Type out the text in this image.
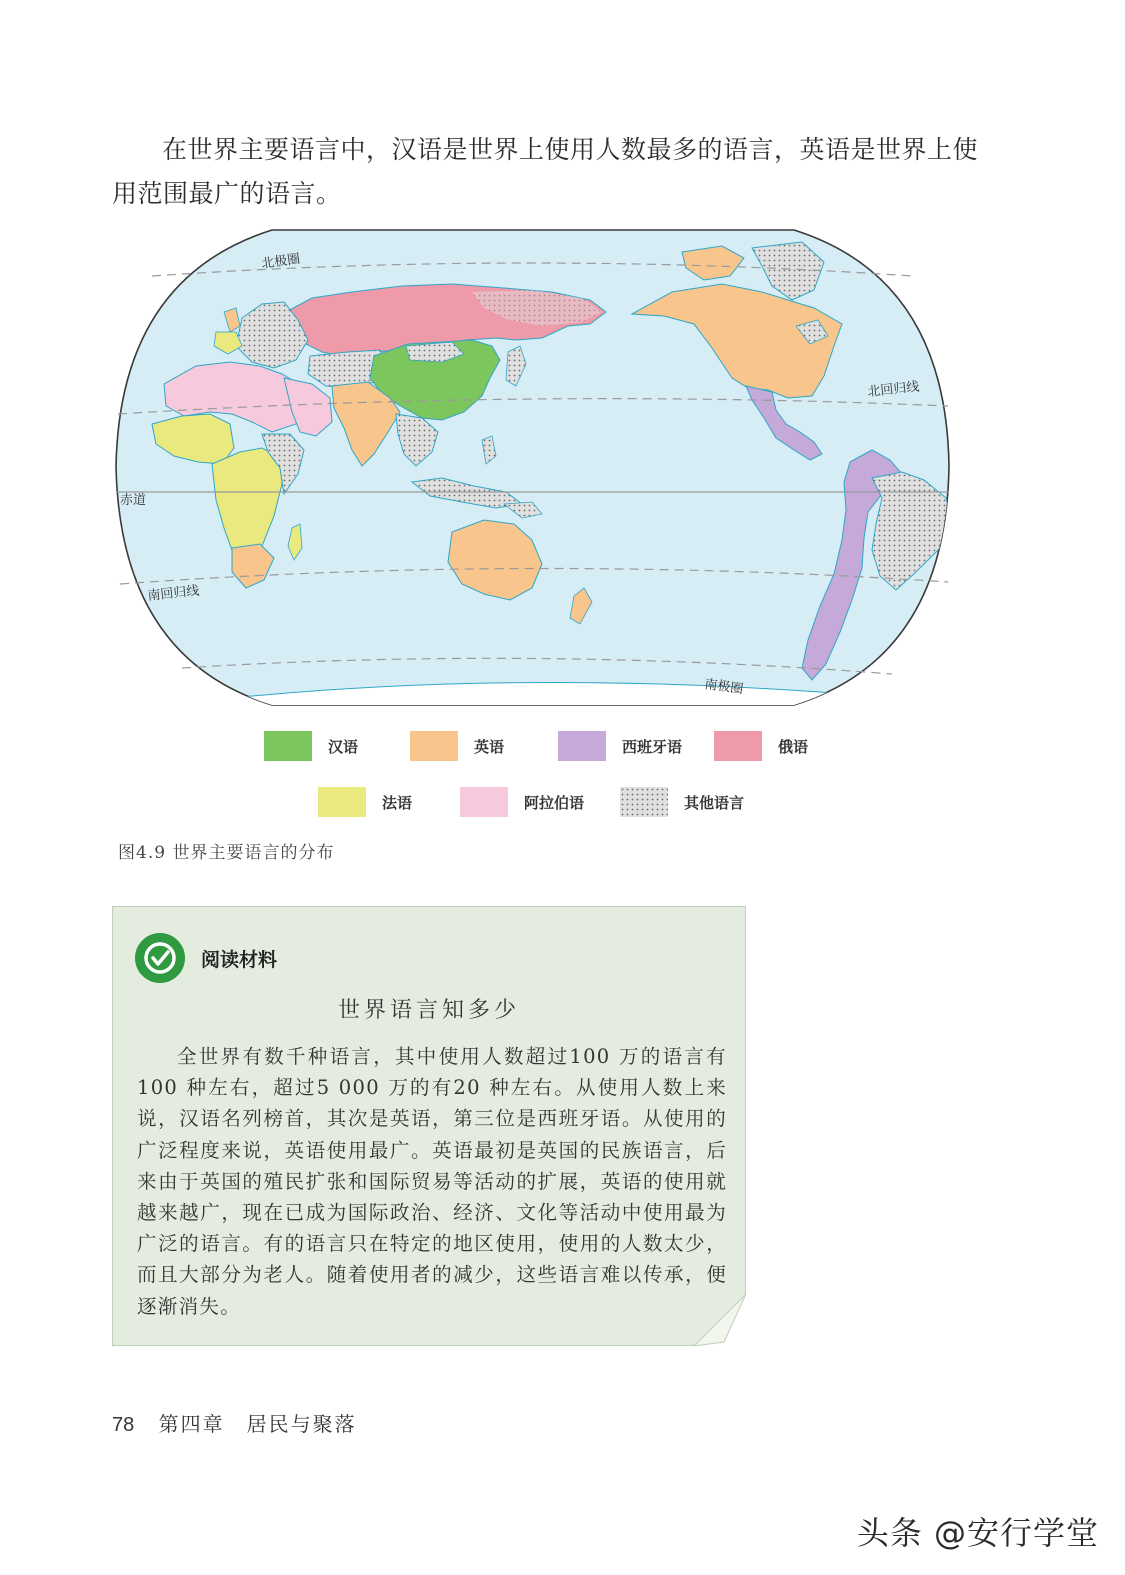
在世界主要语言中，汉语是世界上使用人数最多的语言，英语是世界上使用范围最广的语言。

北极圈
北回归线
赤道
南回归线
南极圈
汉语	英语	西班牙语	俄语
法语	阿拉伯语	其他语言
图4.9 世界主要语言的分布
阅读材料
世界语言知多少

全世界有数千种语言，其中使用人数超过100 万的语言有100 种左右，超过5 000 万的有20 种左右。从使用人数上来说，汉语名列榜首，其次是英语，第三位是西班牙语。从使用的广泛程度来说，英语使用最广。英语最初是英国的民族语言，后来由于英国的殖民扩张和国际贸易等活动的扩展，英语的使用就越来越广，现在已成为国际政治、经济、文化等活动中使用最为广泛的语言。有的语言只在特定的地区使用，使用的人数太少，而且大部分为老人。随着使用者的减少，这些语言难以传承，便逐渐消失。

78 第四章　居民与聚落
头条 @安行学堂
